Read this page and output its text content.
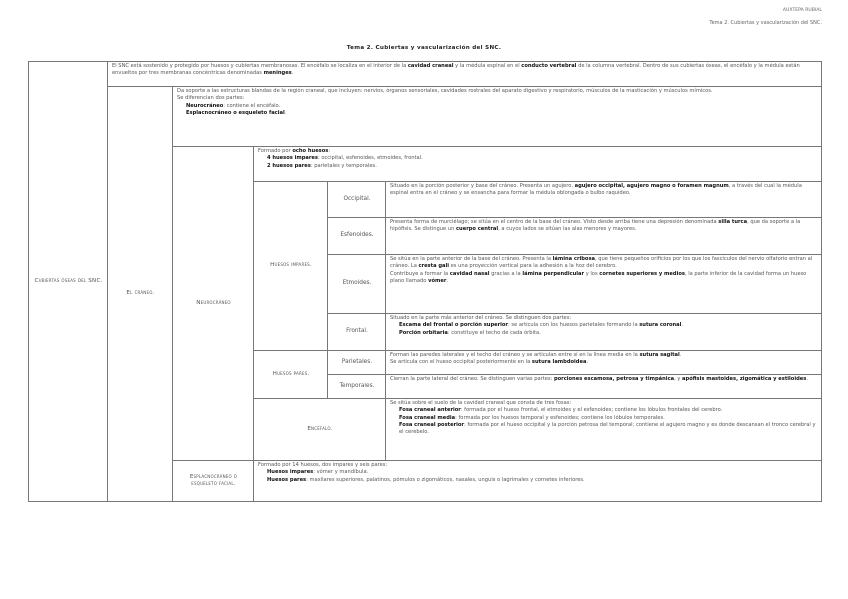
AUXTEPA RUBIAL
Tema 2. Cubiertas y vascularización del SNC.
Tema 2. Cubiertas y vascularización del SNC.
Cubiertas óseas del SNC.	El SNC está sostenido y protegido por huesos y cubiertas membranosas. El encéfalo se localiza en el interior de la cavidad craneal y la médula espinal en el conducto vertebral de la columna vertebral. Dentro de sus cubiertas óseas, el encéfalo y la médula están envueltos por tres membranas concéntricas denominadas meninges.				
	El cráneo.	Da soporte a las estructuras blandas de la región craneal, que incluyen: nervios, órganos sensoriales, cavidades rostrales del aparato digestivo y respiratorio, músculos de la masticación y músculos mímicos.
Se diferencian dos partes:
Neurocráneo: contiene el encéfalo.
Esplacnocráneo o esqueleto facial.			

		Neurocráneo	Formado por ocho huesos:
4 huesos impares: occipital, esfenoides, etmoides, frontal.
2 huesos pares: parietales y temporales.		

			Huesos impares.	Occipital.	Situado en la porción posterior y base del cráneo. Presenta un agujero, agujero occipital, agujero magno o foramen magnum, a través del cual la médula espinal entra en el cráneo y se ensancha para formar la médula oblongada o bulbo raquídeo.
				Esfenoides.	Presenta forma de murciélago; se sitúa en el centro de la base del cráneo. Visto desde arriba tiene una depresión denominada silla turca, que da soporte a la hipófisis. Se distingue un cuerpo central, a cuyos lados se sitúan las alas menores y mayores.
				Etmoides.	Se sitúa en la parte anterior de la base del cráneo. Presenta la lámina cribosa, que tiene pequeños orificios por los que los fascículos del nervio olfatorio entran al cráneo. La cresta gali es una proyección vertical para la adhesión a la hoz del cerebro.
Contribuye a formar la cavidad nasal gracias a la lámina perpendicular y los cornetes superiores y medios, la parte inferior de la cavidad forma un hueso plano llamado vómer.

				Frontal.	Situado en la parte más anterior del cráneo. Se distinguen dos partes:
Escama del frontal o porción superior: se articula con los huesos parietales formando la sutura coronal.
Porción orbitaria: constituye el techo de cada órbita.

			Huesos pares.	Parietales.	Forman las paredes laterales y el techo del cráneo y se articulan entre sí en la línea media en la sutura sagital.
Se articula con el hueso occipital posteriormente en la sutura lambdoidea.

				Temporales.	Cierran la parte lateral del cráneo. Se distinguen varias partes: porciones escamosa, petrosa y timpánica, y apófisis mastoides, zigomática y estiloides.
			Encéfalo.		Se sitúa sobre el suelo de la cavidad craneal que consta de tres fosas:
Fosa craneal anterior: formada por el hueso frontal, el etmoides y el esfenoides; contiene los lóbulos frontales del cerebro.
Fosa craneal media: formada por los huesos temporal y esfenoides; contiene los lóbulos temporales.
Fosa craneal posterior: formada por el hueso occipital y la porción petrosa del temporal; contiene el agujero magno y es donde descansan el tronco cerebral y el cerebelo.

		Esplacnocráneo o esqueleto facial.	Formado por 14 huesos, dos impares y seis pares:
Huesos impares: vómer y mandíbula.
Huesos pares: maxilares superiores, palatinos, pómulos o zigomáticos, nasales, unguis o lagrimales y cornetes inferiores.		
